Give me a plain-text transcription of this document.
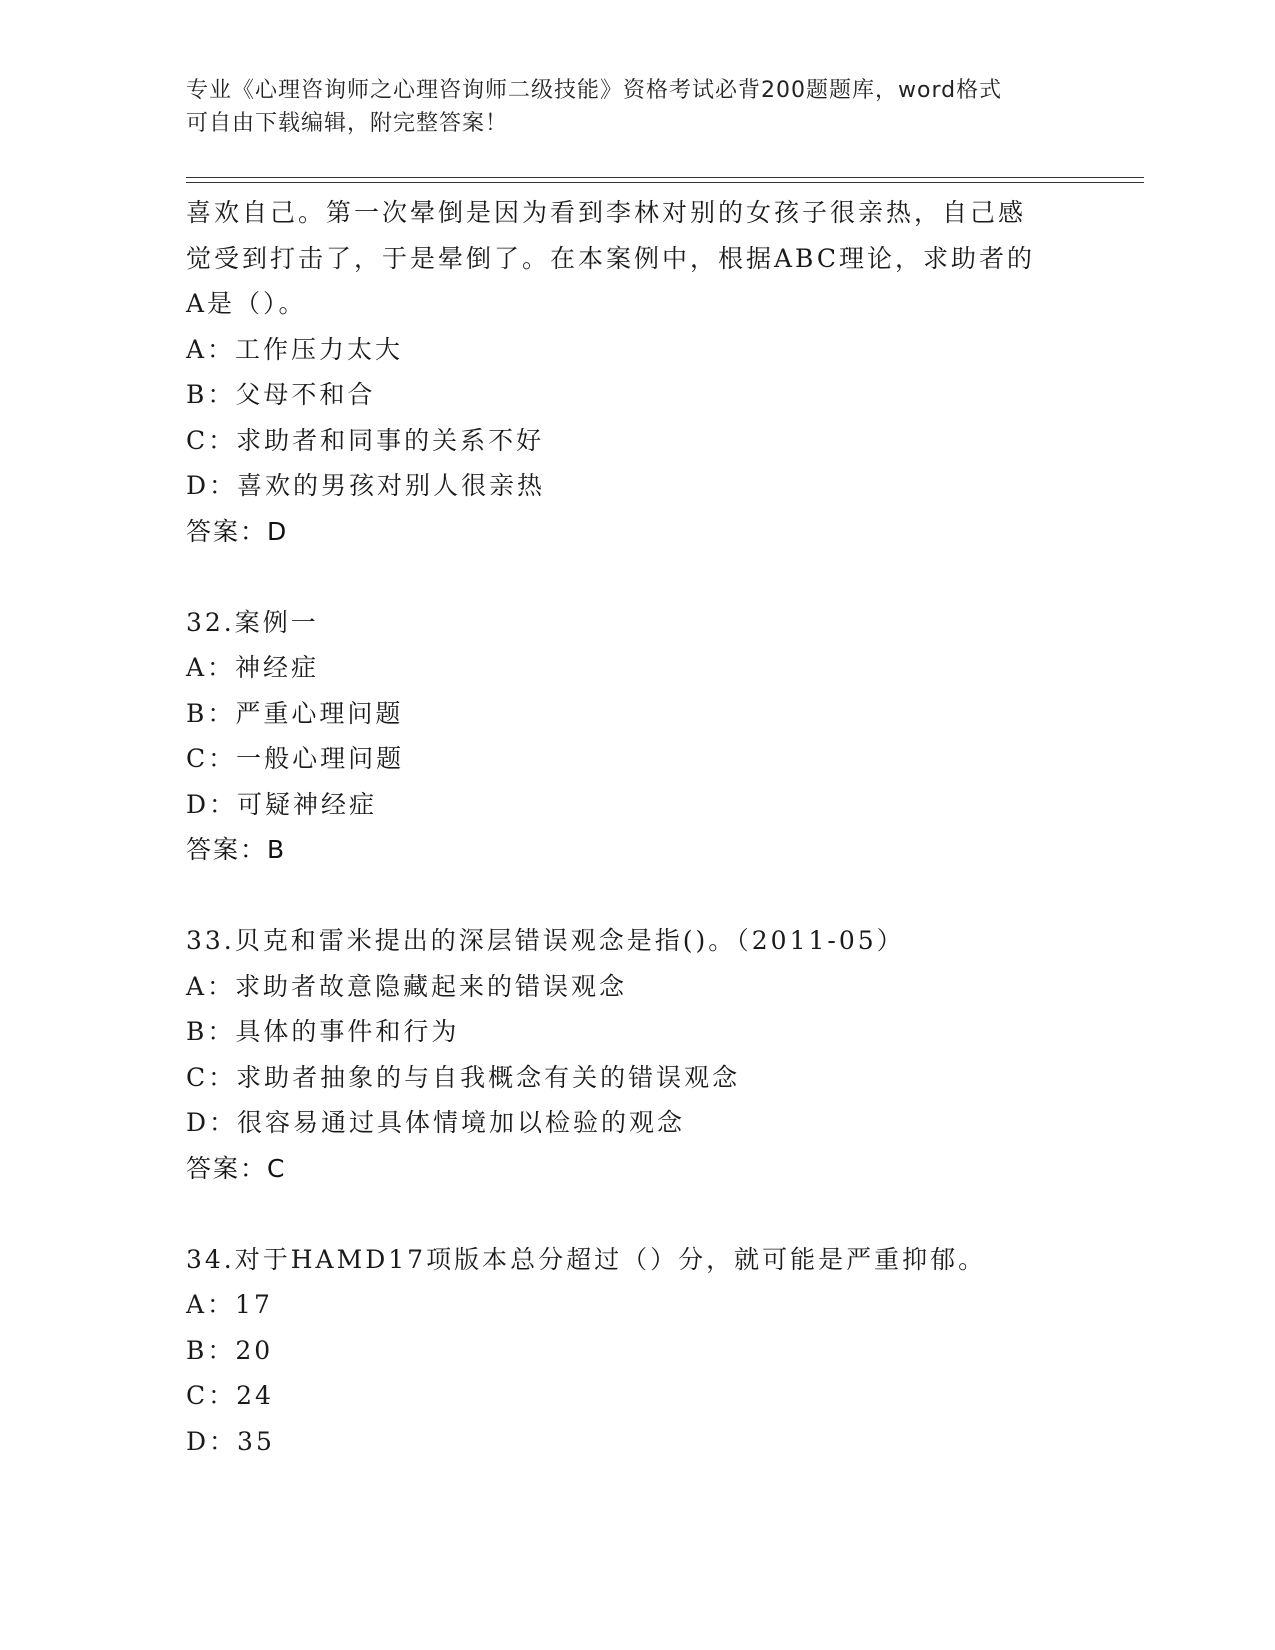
专业《心理咨询师之心理咨询师二级技能》资格考试必背200题题库，word格式
可自由下载编辑，附完整答案！
喜欢自己。第一次晕倒是因为看到李林对别的女孩子很亲热，自己感
觉受到打击了，于是晕倒了。在本案例中，根据ABC理论，求助者的
A是（）。
A：工作压力太大
B：父母不和合
C：求助者和同事的关系不好
D：喜欢的男孩对别人很亲热
答案：D
32.案例一
A：神经症
B：严重心理问题
C：一般心理问题
D：可疑神经症
答案：B
33.贝克和雷米提出的深层错误观念是指()。（2011-05）
A：求助者故意隐藏起来的错误观念
B：具体的事件和行为
C：求助者抽象的与自我概念有关的错误观念
D：很容易通过具体情境加以检验的观念
答案：C
34.对于HAMD17项版本总分超过（）分，就可能是严重抑郁。
A：17
B：20
C：24
D：35
